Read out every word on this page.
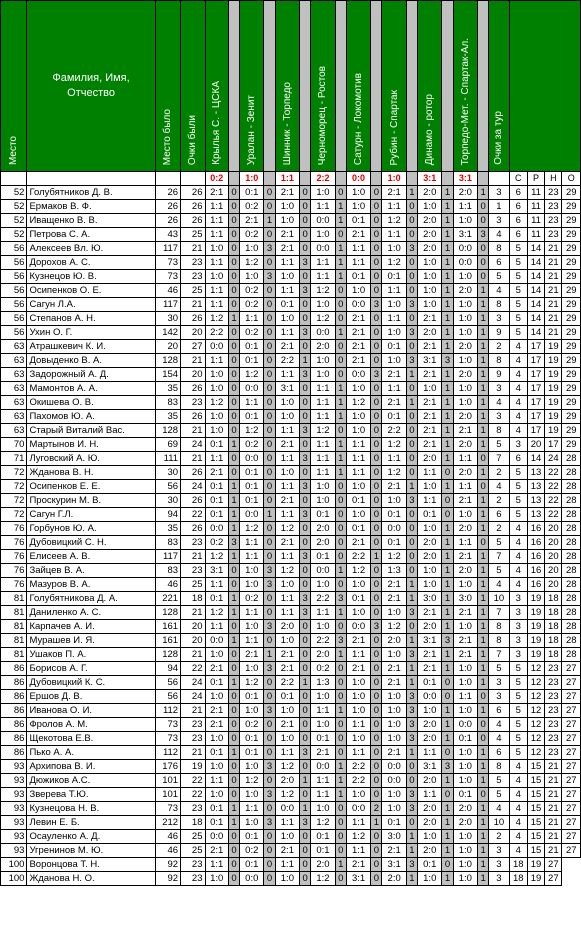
Место	Фамилия, Имя, Отчество	Место было	Очки были	Крылья С. - ЦСКА		Уралан - Зенит		Шинник - Торпедо		Черноморец - Ростов		Сатурн - Локомотив		Рубин - Спартак		Динамо - ротор		Торпедо-Мет. - Спартак-Ал.		Очки за тур				
				0:2		1:0		1:1		2:2		0:0		1:0		3:1		3:1			С	Р	Н	О
52	Голубятников Д. В.	26	26	2:1	0	0:1	0	2:1	0	1:0	0	1:0	0	2:1	1	2:0	1	2:0	1	3	6	11	23	29
52	Ермаков В. Ф.	26	26	1:1	0	0:2	0	1:0	0	1:1	1	1:0	0	1:1	0	1:0	1	1:1	0	1	6	11	23	29
52	Иващенко В. В.	26	26	1:1	0	2:1	1	1:0	0	0:0	1	0:1	0	1:2	0	2:0	1	1:0	0	3	6	11	23	29
52	Петрова С. А.	43	25	1:1	0	0:2	0	2:1	0	1:0	0	2:1	0	1:1	0	2:0	1	3:1	3	4	6	11	23	29
56	Алексеев Вл. Ю.	117	21	1:0	0	1:0	3	2:1	0	0:0	1	1:1	0	1:0	3	2:0	1	0:0	0	8	5	14	21	29
56	Дорохов А. С.	73	23	1:1	0	1:2	0	1:1	3	1:1	1	1:1	0	1:2	0	1:0	1	0:0	0	6	5	14	21	29
56	Кузнецов Ю. В.	73	23	1:0	0	1:0	3	1:0	0	1:1	1	0:1	0	0:1	0	1:0	1	1:0	0	5	5	14	21	29
56	Осипенков О. Е.	46	25	1:1	0	0:2	0	1:1	3	1:2	0	1:0	0	1:1	0	1:0	1	2:0	1	4	5	14	21	29
56	Сагун Л.А.	117	21	1:1	0	0:2	0	0:1	0	1:0	0	0:0	3	1:0	3	1:0	1	1:0	1	8	5	14	21	29
56	Степанов А. Н.	30	26	1:2	1	1:1	0	1:0	0	1:2	0	2:1	0	1:1	0	2:1	1	1:0	1	3	5	14	21	29
56	Ухин О. Г.	142	20	2:2	0	0:2	0	1:1	3	0:0	1	2:1	0	1:0	3	2:0	1	1:0	1	9	5	14	21	29
63	Атрашкевич К. И.	20	27	0:0	0	0:1	0	2:1	0	2:0	0	2:1	0	0:1	0	2:1	1	2:0	1	2	4	17	19	29
63	Довыденко В. А.	128	21	1:1	0	0:1	0	2:2	1	1:0	0	2:1	0	1:0	3	3:1	3	1:0	1	8	4	17	19	29
63	Задорожный А. Д.	154	20	1:0	0	1:2	0	1:1	3	1:0	0	0:0	3	2:1	1	2:1	1	2:0	1	9	4	17	19	29
63	Мамонтов А. А.	35	26	1:0	0	0:0	0	3:1	0	1:1	1	1:0	0	1:1	0	1:0	1	1:0	1	3	4	17	19	29
63	Окишева О. В.	83	23	1:2	0	1:1	0	1:0	0	1:1	1	1:2	0	2:1	1	2:1	1	1:0	1	4	4	17	19	29
63	Пахомов Ю. А.	35	26	1:0	0	0:1	0	1:0	0	1:1	1	1:0	0	0:1	0	2:1	1	2:0	1	3	4	17	19	29
63	Старый Виталий Вас.	128	21	1:0	0	1:2	0	1:1	3	1:2	0	1:0	0	2:2	0	2:1	1	2:1	1	8	4	17	19	29
70	Мартынов И. Н.	69	24	0:1	1	0:2	0	2:1	0	1:1	1	1:1	0	1:2	0	2:1	1	2:0	1	5	3	20	17	29
71	Луговский А. Ю.	111	21	1:1	0	0:0	0	1:1	3	1:1	1	1:1	0	1:1	0	2:0	1	1:1	0	7	6	14	24	28
72	Жданова В. Н.	30	26	2:1	0	0:1	0	1:0	0	1:1	1	1:1	0	1:2	0	1:1	0	2:0	1	2	5	13	22	28
72	Осипенков Е. Е.	56	24	0:1	1	0:1	0	1:1	3	1:0	0	1:0	0	2:1	1	1:0	1	1:1	0	4	5	13	22	28
72	Проскурин М. В.	30	26	0:1	1	0:1	0	2:1	0	1:0	0	0:1	0	1:0	3	1:1	0	2:1	1	2	5	13	22	28
72	Сагун Г.Л.	94	22	0:1	1	0:0	1	1:1	3	0:1	0	1:0	0	0:1	0	0:1	0	1:0	1	6	5	13	22	28
76	Горбунов Ю. А.	35	26	0:0	1	1:2	0	1:2	0	2:0	0	0:1	0	0:0	0	1:0	1	2:0	1	2	4	16	20	28
76	Дубовицкий С. Н.	83	23	0:2	3	1:1	0	2:1	0	2:0	0	2:1	0	0:1	0	2:0	1	1:1	0	5	4	16	20	28
76	Елисеев А. В.	117	21	1:2	1	1:1	0	1:1	3	0:1	0	2:2	1	1:2	0	2:0	1	2:1	1	7	4	16	20	28
76	Зайцев В. А.	83	23	3:1	0	1:0	3	1:2	0	0:0	1	1:2	0	1:3	0	1:0	1	2:0	1	5	4	16	20	28
76	Мазуров В. А.	46	25	1:1	0	1:0	3	1:0	0	1:0	0	1:0	0	2:1	1	1:0	1	1:0	1	4	4	16	20	28
81	Голубятникова Д. А.	221	18	0:1	1	0:2	0	1:1	3	2:2	3	0:1	0	2:1	1	3:0	1	3:0	1	10	3	19	18	28
81	Даниленко А. С.	128	21	1:2	1	1:1	0	1:1	3	1:1	1	1:0	0	1:0	3	2:1	1	2:1	1	7	3	19	18	28
81	Карпачев А. И.	161	20	1:1	0	1:0	3	2:0	0	1:0	0	0:0	3	1:2	0	2:0	1	1:0	1	8	3	19	18	28
81	Мурашев И. Я.	161	20	0:0	1	1:1	0	1:0	0	2:2	3	2:1	0	2:0	1	3:1	3	2:1	1	8	3	19	18	28
81	Ушаков П. А.	128	21	1:0	0	2:1	1	2:1	0	2:0	1	1:1	0	1:0	3	2:1	1	2:1	1	7	3	19	18	28
86	Борисов А. Г.	94	22	2:1	0	1:0	3	2:1	0	0:2	0	2:1	0	2:1	1	2:1	1	1:0	1	5	5	12	23	27
86	Дубовицкий К. С.	56	24	0:1	1	1:2	0	2:2	1	1:3	0	1:0	0	2:1	1	0:1	0	1:0	1	3	5	12	23	27
86	Ершов Д. В.	56	24	1:0	0	0:1	0	0:1	0	1:0	0	1:0	0	1:0	3	0:0	0	1:1	0	3	5	12	23	27
86	Иванова О. И.	112	21	2:1	0	1:0	3	1:0	0	1:1	1	1:0	0	1:0	3	1:0	1	1:0	1	6	5	12	23	27
86	Фролов А. М.	73	23	2:1	0	0:2	0	2:1	0	1:0	0	1:1	0	1:0	3	2:0	1	0:0	0	4	5	12	23	27
86	Щекотова Е.В.	73	23	1:0	0	0:1	0	1:0	0	0:1	0	1:0	0	1:0	3	2:0	1	0:1	0	4	5	12	23	27
86	Пько А. А.	112	21	0:1	1	0:1	0	1:1	3	2:1	0	1:1	0	2:1	1	1:1	0	1:0	1	6	5	12	23	27
93	Архипова В. И.	176	19	1:0	0	1:0	3	1:2	0	0:0	1	2:2	0	0:0	0	3:1	3	1:0	1	8	4	15	21	27
93	Дюжиков А.С.	101	22	1:1	0	1:2	0	2:0	1	1:1	1	2:2	0	0:0	0	2:0	1	1:0	1	5	4	15	21	27
93	Зверева Т.Ю.	101	22	1:0	0	1:0	3	1:2	0	1:1	1	1:0	0	1:0	3	1:1	0	0:1	0	5	4	15	21	27
93	Кузнецова Н. В.	73	23	0:1	1	1:1	0	0:0	1	1:0	0	0:0	2	1:0	3	2:0	1	2:0	1	4	4	15	21	27
93	Левин Е. Б.	212	18	0:1	1	1:0	3	1:1	3	1:2	0	1:1	1	0:1	0	2:0	1	2:0	1	10	4	15	21	27
93	Осауленко А. Д.	46	25	0:0	0	0:1	0	1:0	0	0:1	0	1:2	0	3:0	1	1:0	1	1:0	1	2	4	15	21	27
93	Угренинов М. Ю.	46	25	2:1	0	0:2	0	2:1	0	0:1	0	1:1	0	2:1	1	2:0	1	1:0	1	3	4	15	21	27
100	Воронцова Т. Н.	92	23	1:1	0	0:1	0	1:1	0	2:0	1	2:1	0	3:1	3	0:1	0	1:0	1	3	18	19	27	
100	Жданова Н. О.	92	23	1:0	0	0:0	0	1:0	0	1:2	0	3:1	0	2:0	1	1:0	1	1:0	1	3	18	19	27	
